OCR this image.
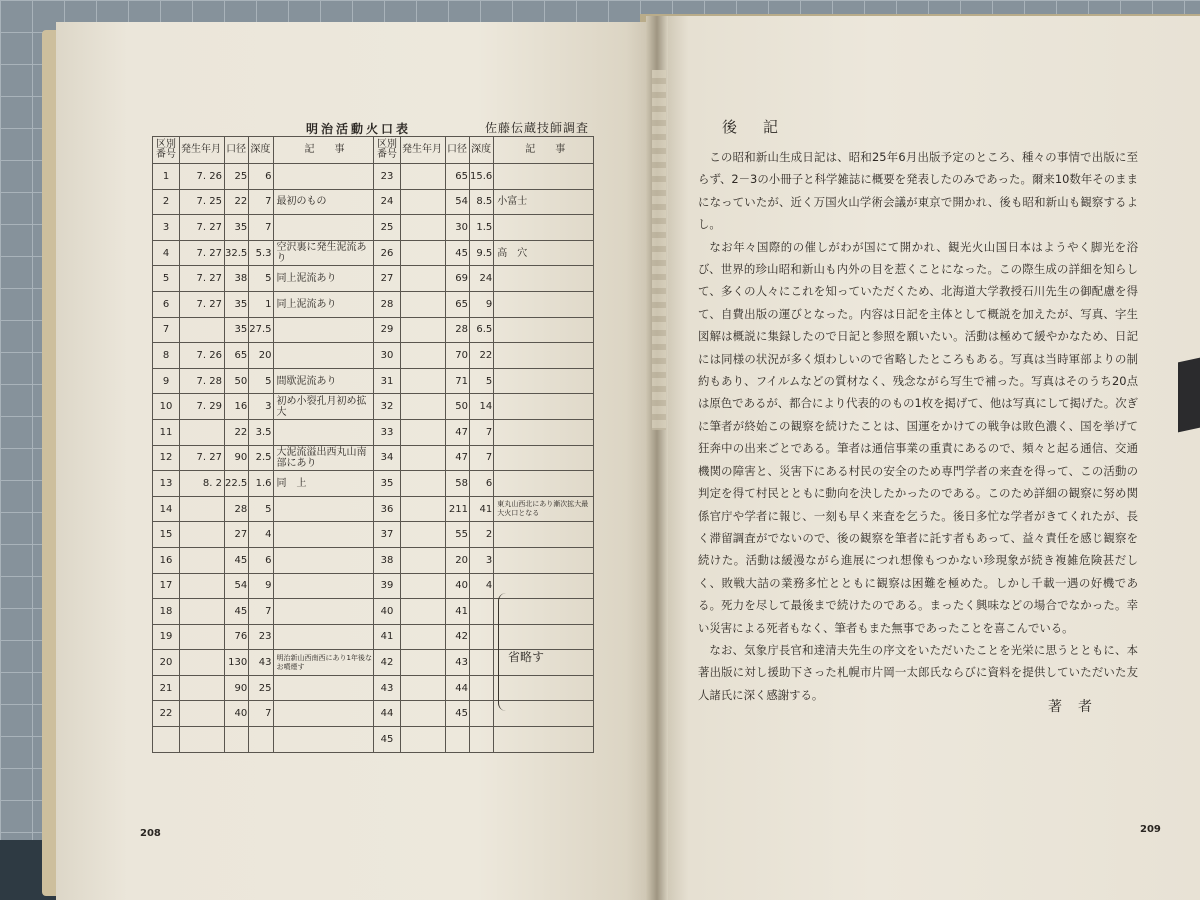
明治活動火口表	佐藤伝蔵技師調査
区別番号	発生年月	口径	深度	記　　事
1	7. 26	25	6	
2	7. 25	22	7	最初のもの
3	7. 27	35	7	
4	7. 27	32.5	5.3	空沢裏に発生泥流あり
5	7. 27	38	5	同上泥流あり
6	7. 27	35	1	同上泥流あり
7		35	27.5	
8	7. 26	65	20	
9	7. 28	50	5	間歇泥流あり
10	7. 29	16	3	初め小裂孔月初め拡大
11		22	3.5	
12	7. 27	90	2.5	大泥流溢出西丸山南部にあり
13	8. 2	22.5	1.6	同　上
14		28	5	
15		27	4	
16		45	6	
17		54	9	
18		45	7	
19		76	23	
20		130	43	明治新山西南西にあり1年後なお噴煙す
21		90	25	
22		40	7	

区別番号	発生年月	口径	深度	記　　事
23		65	15.6	
24		54	8.5	小富士
25		30	1.5	
26		45	9.5	高　穴
27		69	24	
28		65	9	
29		28	6.5	
30		70	22	
31		71	5	
32		50	14	
33		47	7	
34		47	7	
35		58	6	
36		211	41	東丸山西北にあり漸次拡大最大火口となる
37		55	2	
38		20	3	
39		40	4	
40		41		
41		42		
42		43		
43		44		
44		45		
45				
省略す
208
後記

この昭和新山生成日記は、昭和25年6月出版予定のところ、種々の事情で出版に至らず、2－3の小冊子と科学雑誌に概要を発表したのみであった。爾来10数年そのままになっていたが、近く万国火山学術会議が東京で開かれ、後も昭和新山も観察するよし。

なお年々国際的の催しがわが国にて開かれ、観光火山国日本はようやく脚光を浴び、世界的珍山昭和新山も内外の目を惹くことになった。この際生成の詳細を知らして、多くの人々にこれを知っていただくため、北海道大学教授石川先生の御配慮を得て、自費出版の運びとなった。内容は日記を主体として概説を加えたが、写真、字生図解は概説に集録したので日記と参照を願いたい。活動は極めて緩やかなため、日記には同様の状況が多く煩わしいので省略したところもある。写真は当時軍部よりの制約もあり、フイルムなどの質材なく、残念ながら写生で補った。写真はそのうち20点は原色であるが、都合により代表的のもの1枚を掲げて、他は写真にして掲げた。次ぎに筆者が終始この観察を続けたことは、国運をかけての戦争は敗色濃く、国を挙げて狂奔中の出来ごとである。筆者は通信事業の重責にあるので、頻々と起る通信、交通機関の障害と、災害下にある村民の安全のため専門学者の来査を得って、この活動の判定を得て村民とともに動向を決したかったのである。このため詳細の観察に努め関係官庁や学者に報じ、一刻も早く来査を乞うた。後日多忙な学者がきてくれたが、長く滞留調査がでないので、後の観察を筆者に託す者もあって、益々責任を感じ観察を続けた。活動は緩漫ながら進展につれ想像もつかない珍現象が続き複雑危険甚だしく、敗戦大詰の業務多忙とともに観察は困難を極めた。しかし千載一遇の好機である。死力を尽して最後まで続けたのである。まったく興味などの場合でなかった。幸い災害による死者もなく、筆者もまた無事であったことを喜こんでいる。

なお、気象庁長官和達清夫先生の序文をいただいたことを光栄に思うとともに、本著出版に対し援助下さった札幌市片岡一太郎氏ならびに資料を提供していただいた友人諸氏に深く感謝する。

著者
209
